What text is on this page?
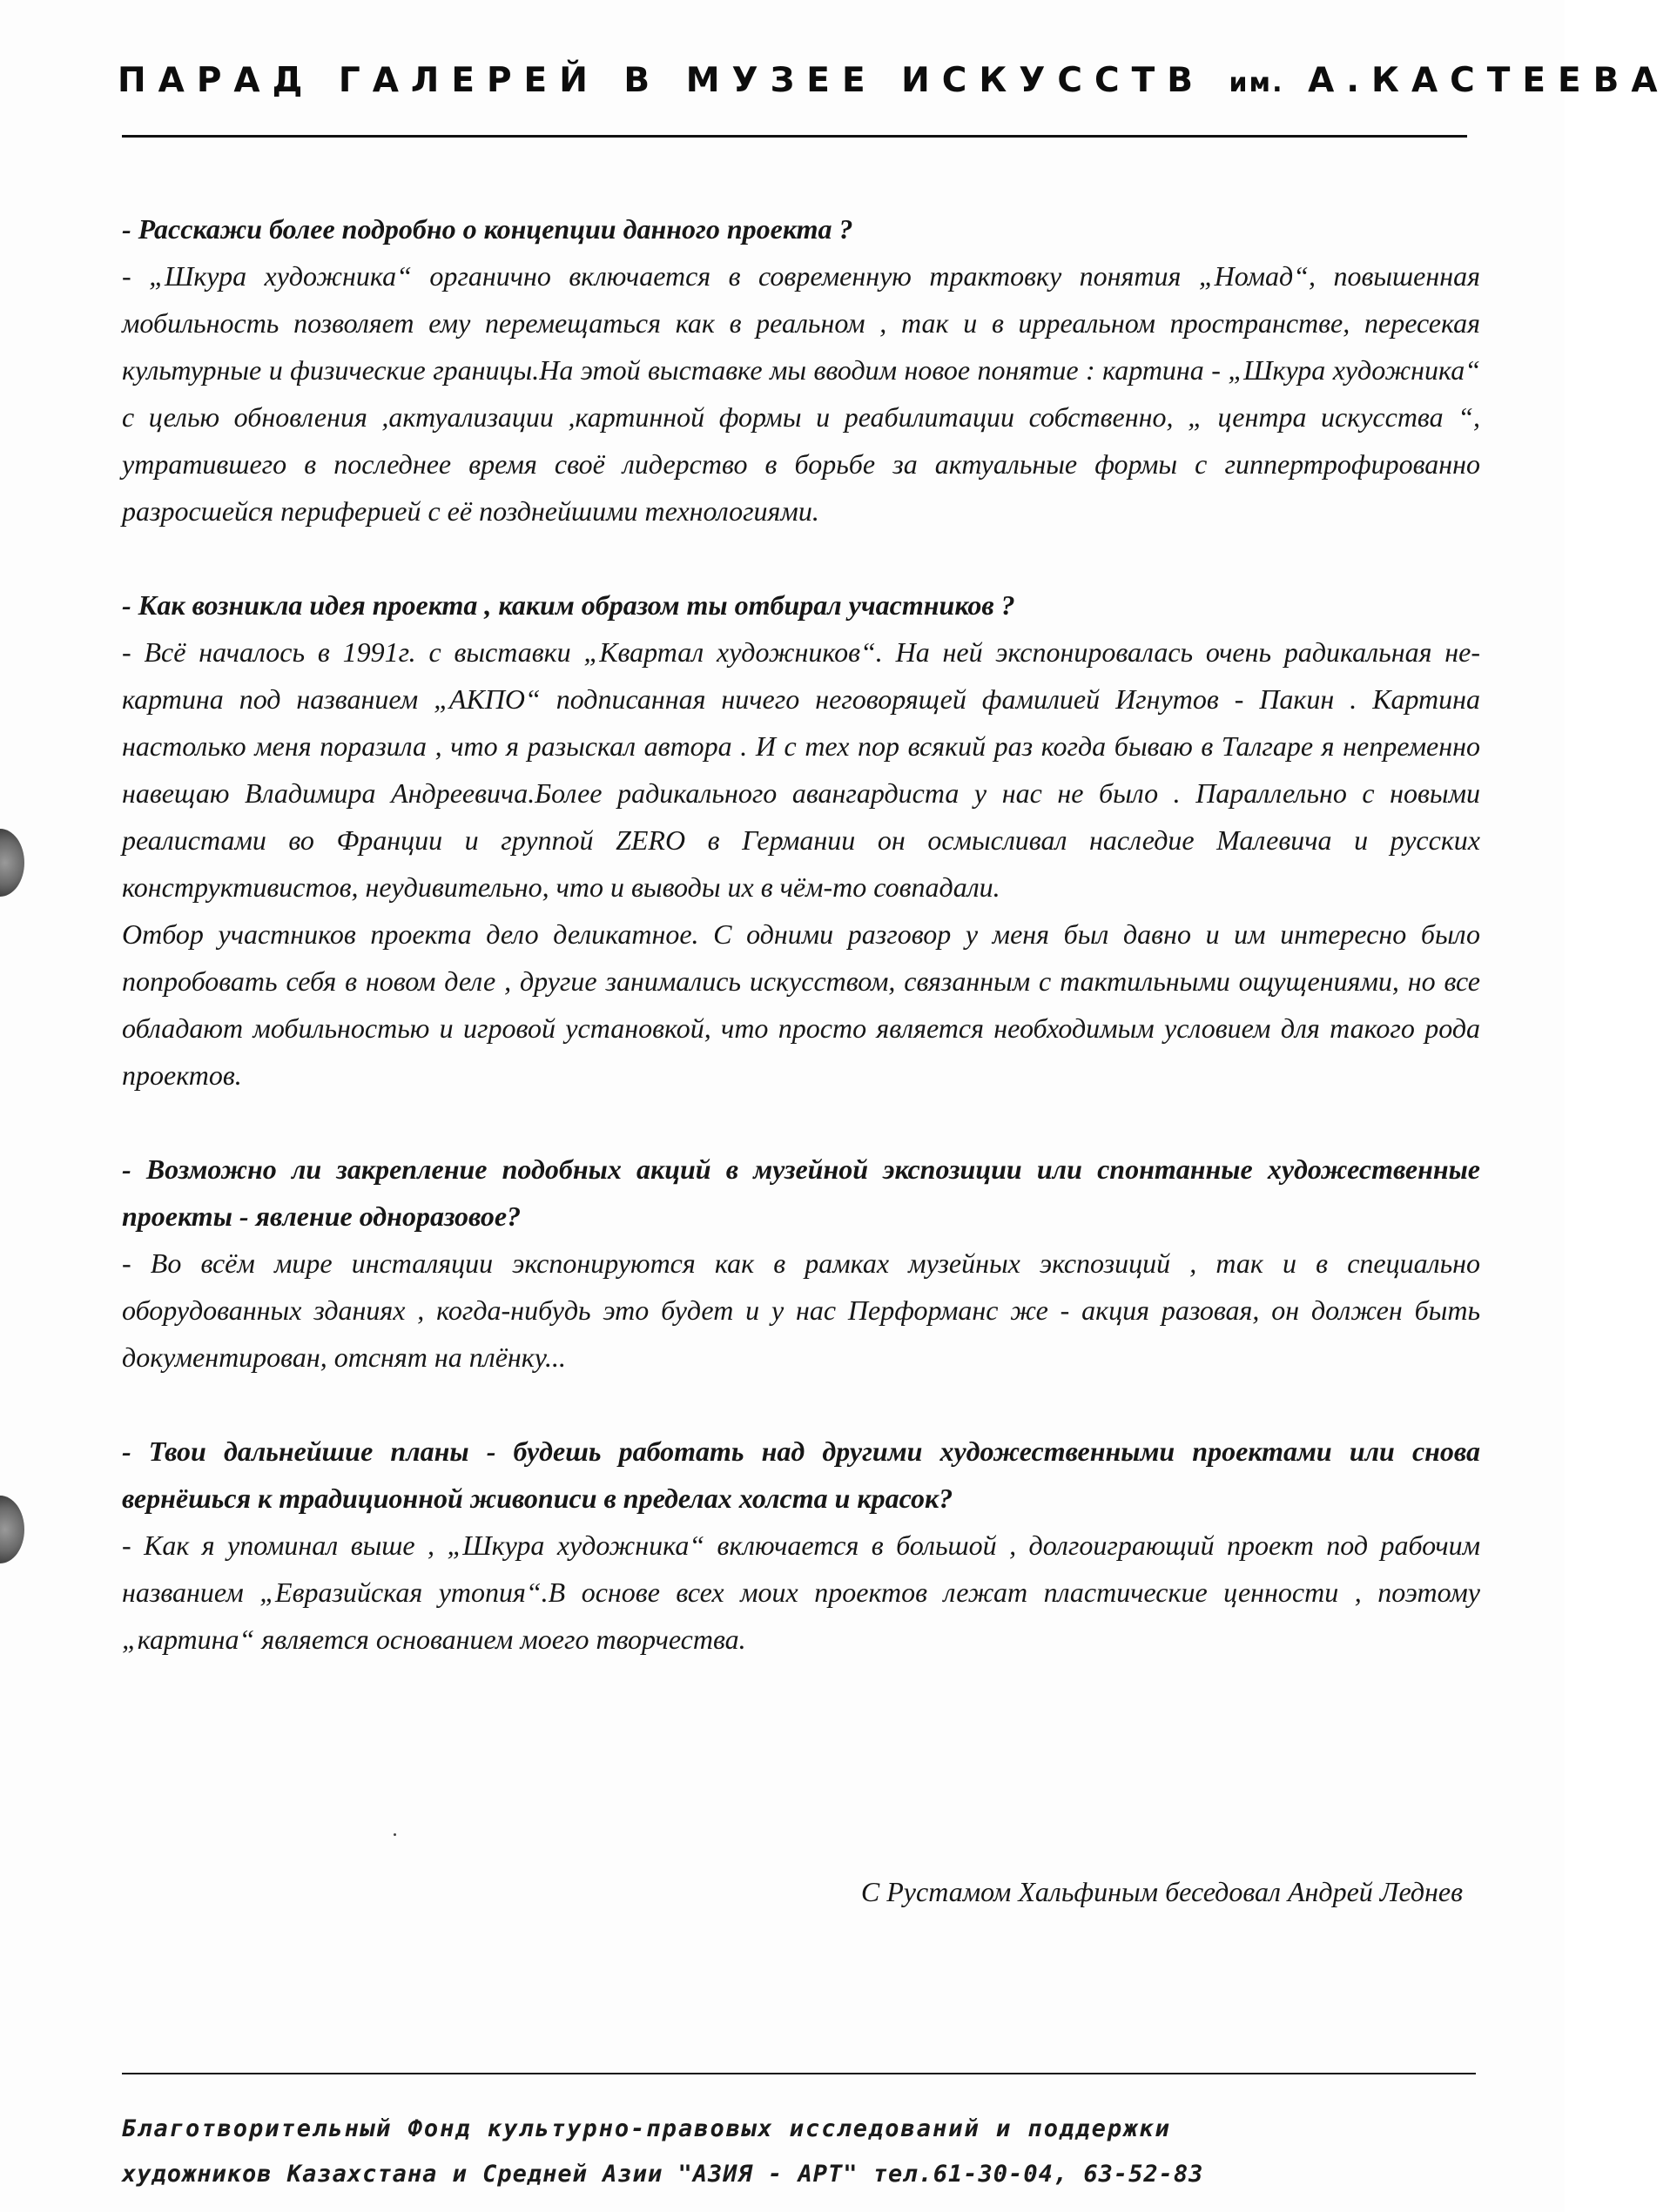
ПАРАД ГАЛЕРЕЙ В МУЗЕЕ ИСКУССТВ им. А.КАСТЕЕВА

- Расскажи более подробно о концепции данного проекта ?

- „Шкура художника“ органично включается в современную трактовку понятия „Номад“, повышенная мобильность позволяет ему перемещаться как в реальном , так и в ирреальном пространстве, пересекая культурные и физические границы.На этой выставке мы вводим новое понятие : картина - „Шкура художника“ с целью обновления ,актуализации ,картинной формы и реабилитации собственно, „ центра искусства “, утратившего в последнее время своё лидерство в борьбе за актуальные формы с гиппертрофированно разросшейся периферией с её позднейшими технологиями.

- Как возникла идея проекта , каким образом ты отбирал участников ?

- Всё началось в 1991г. с выставки „Квартал художников“. На ней экспонировалась очень радикальная не-картина под названием „АКПО“ подписанная ничего неговорящей фамилией Игнутов - Пакин . Картина настолько меня поразила , что я разыскал автора . И с тех пор всякий раз когда бываю в Талгаре я непременно навещаю Владимира Андреевича.Более радикального авангардиста у нас не было . Параллельно с новыми реалистами во Франции и группой ZERO в Германии он осмысливал наследие Малевича и русских конструктивистов, неудивительно, что и выводы их в чём-то совпадали.

Отбор участников проекта дело деликатное. С одними разговор у меня был давно и им интересно было попробовать себя в новом деле , другие занимались искусством, связанным с тактильными ощущениями, но все обладают мобильностью и игровой установкой, что просто является необходимым условием для такого рода проектов.

- Возможно ли закрепление подобных акций в музейной экспозиции или спонтанные художественные проекты - явление одноразовое?

- Во всём мире инсталяции экспонируются как в рамках музейных экспозиций , так и в специально оборудованных зданиях , когда-нибудь это будет и у нас Перформанс же - акция разовая, он должен быть документирован, отснят на плёнку...

- Твои дальнейшие планы - будешь работать над другими художественными проектами или снова вернёшься к традиционной живописи в пределах холста и красок?

- Как я упоминал выше , „Шкура художника“ включается в большой , долгоиграющий проект под рабочим названием „Евразийская утопия“.В основе всех моих проектов лежат пластические ценности , поэтому „картина“ является основанием моего творчества.

С Рустамом Хальфиным беседовал Андрей Леднев
Благотворительный Фонд культурно-правовых исследований и поддержки
художников Казахстана и Средней Азии "АЗИЯ - АРТ" тел.61-30-04, 63-52-83
